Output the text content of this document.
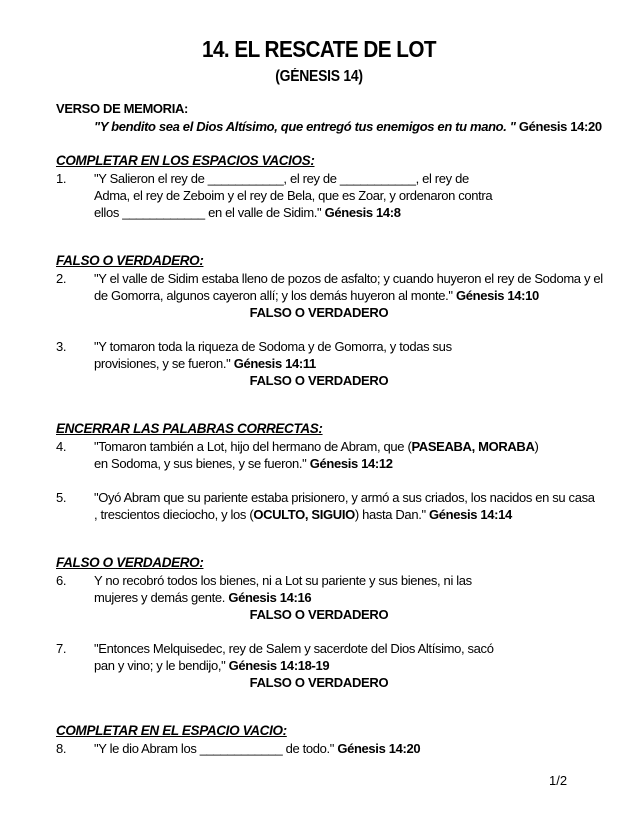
14. EL RESCATE DE LOT
(GÉNESIS 14)
VERSO DE MEMORIA:
"Y bendito sea el Dios Altísimo, que entregó tus enemigos en tu mano. " Génesis 14:20
COMPLETAR EN LOS ESPACIOS VACIOS:
1. "Y Salieron el rey de ___________, el rey de ___________, el rey de
Adma, el rey de Zeboim y el rey de Bela, que es Zoar, y ordenaron contra
ellos ____________ en el valle de Sidim." Génesis 14:8
FALSO O VERDADERO:
2. "Y el valle de Sidim estaba lleno de pozos de asfalto; y cuando huyeron el rey de Sodoma y el
de Gomorra, algunos cayeron allí; y los demás huyeron al monte." Génesis 14:10
FALSO O VERDADERO
3. "Y tomaron toda la riqueza de Sodoma y de Gomorra, y todas sus
provisiones, y se fueron." Génesis 14:11
FALSO O VERDADERO
ENCERRAR LAS PALABRAS CORRECTAS:
4. "Tomaron también a Lot, hijo del hermano de Abram, que (PASEABA, MORABA)
en Sodoma, y sus bienes, y se fueron." Génesis 14:12
5. "Oyó Abram que su pariente estaba prisionero, y armó a sus criados, los nacidos en su casa
, trescientos dieciocho, y los (OCULTO, SIGUIO) hasta Dan." Génesis 14:14
FALSO O VERDADERO:
6. Y no recobró todos los bienes, ni a Lot su pariente y sus bienes, ni las
mujeres y demás gente. Génesis 14:16
FALSO O VERDADERO
7. "Entonces Melquisedec, rey de Salem y sacerdote del Dios Altísimo, sacó
pan y vino; y le bendijo," Génesis 14:18-19
FALSO O VERDADERO
COMPLETAR EN EL ESPACIO VACIO:
8. "Y le dio Abram los ____________ de todo." Génesis 14:20
1/2
